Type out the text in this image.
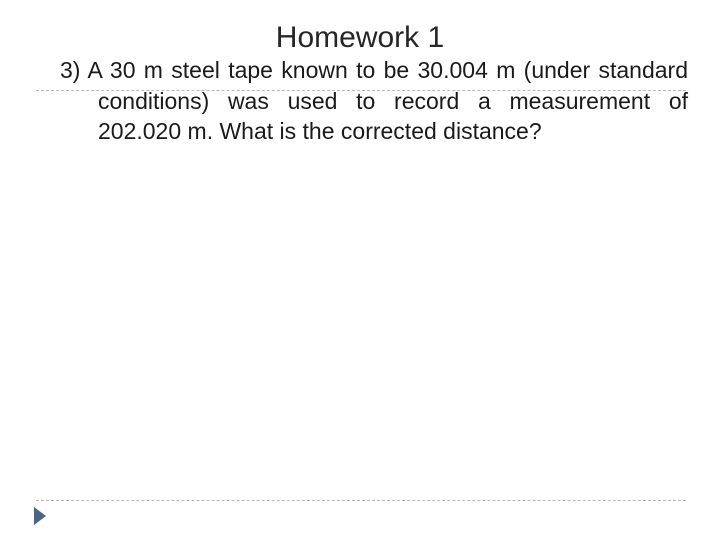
Homework 1
3) A 30 m steel tape known to be 30.004 m (under standard conditions) was used to record a measurement of 202.020 m. What is the corrected distance?
